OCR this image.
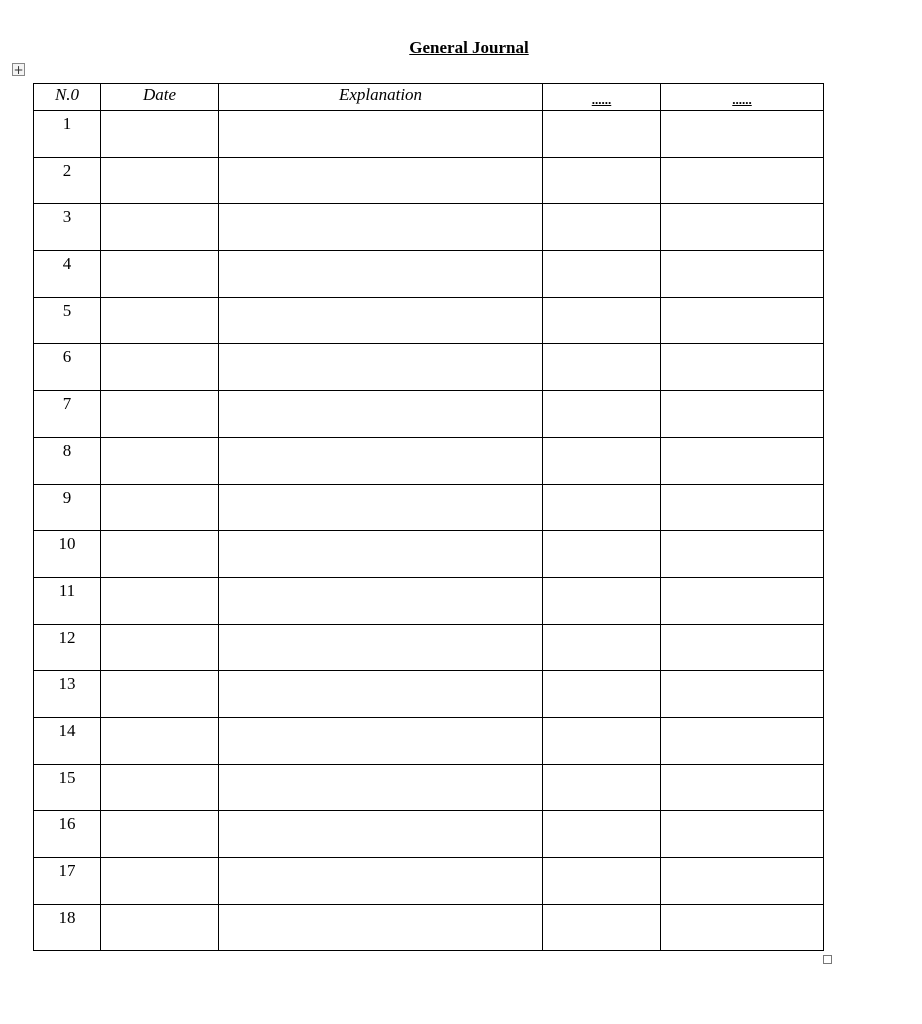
General Journal
+
N.0	Date	Explanation	......	......
1				
2				
3				
4				
5				
6				
7				
8				
9				
10				
11				
12				
13				
14				
15				
16				
17				
18				
